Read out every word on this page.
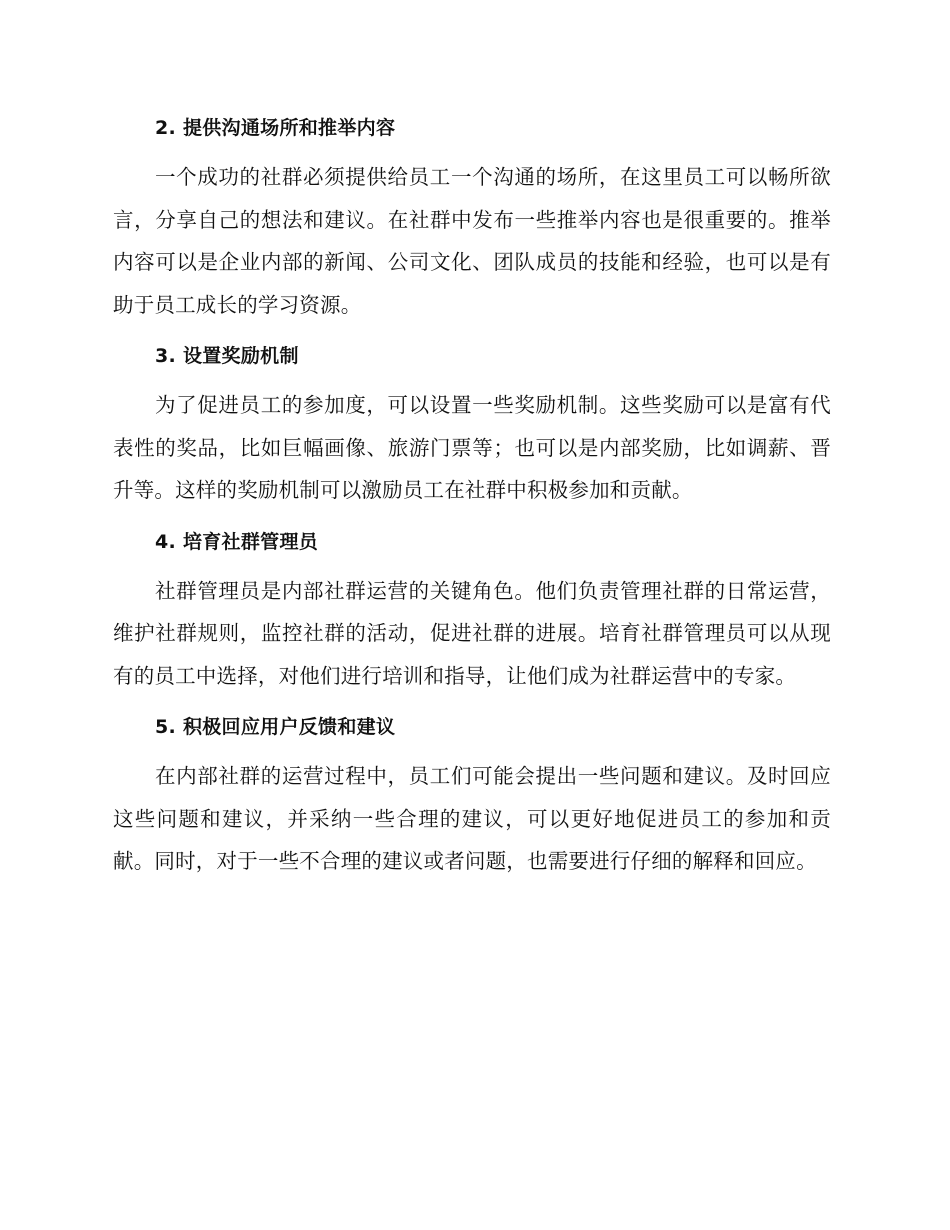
2. 提供沟通场所和推举内容

一个成功的社群必须提供给员工一个沟通的场所，在这里员工可以畅所欲言，分享自己的想法和建议。在社群中发布一些推举内容也是很重要的。推举内容可以是企业内部的新闻、公司文化、团队成员的技能和经验，也可以是有助于员工成长的学习资源。

3. 设置奖励机制

为了促进员工的参加度，可以设置一些奖励机制。这些奖励可以是富有代表性的奖品，比如巨幅画像、旅游门票等；也可以是内部奖励，比如调薪、晋升等。这样的奖励机制可以激励员工在社群中积极参加和贡献。

4. 培育社群管理员

社群管理员是内部社群运营的关键角色。他们负责管理社群的日常运营，维护社群规则，监控社群的活动，促进社群的进展。培育社群管理员可以从现有的员工中选择，对他们进行培训和指导，让他们成为社群运营中的专家。

5. 积极回应用户反馈和建议

在内部社群的运营过程中，员工们可能会提出一些问题和建议。及时回应这些问题和建议，并采纳一些合理的建议，可以更好地促进员工的参加和贡献。同时，对于一些不合理的建议或者问题，也需要进行仔细的解释和回应。
